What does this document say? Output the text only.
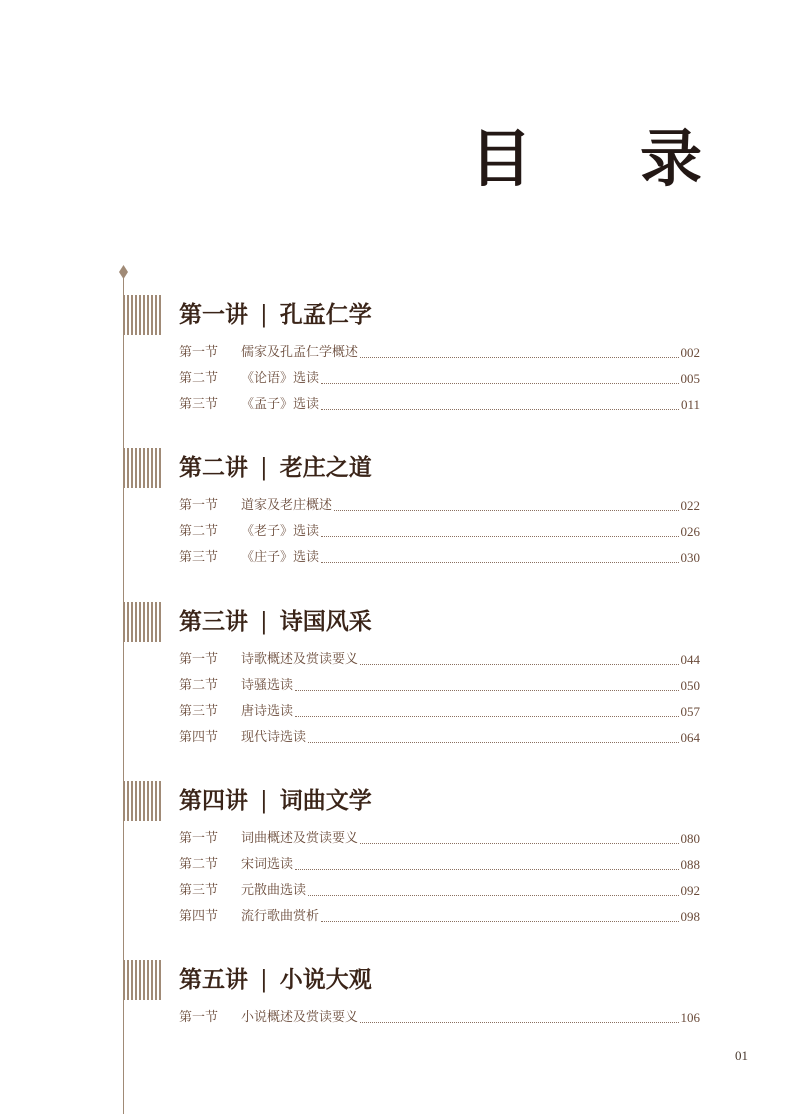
目 录
第一讲 | 孔孟仁学
第一节	儒家及孔孟仁学概述	002
第二节	《论语》选读	005
第三节	《孟子》选读	011
第二讲 | 老庄之道
第一节	道家及老庄概述	022
第二节	《老子》选读	026
第三节	《庄子》选读	030
第三讲 | 诗国风采
第一节	诗歌概述及赏读要义	044
第二节	诗骚选读	050
第三节	唐诗选读	057
第四节	现代诗选读	064
第四讲 | 词曲文学
第一节	词曲概述及赏读要义	080
第二节	宋词选读	088
第三节	元散曲选读	092
第四节	流行歌曲赏析	098
第五讲 | 小说大观
第一节	小说概述及赏读要义	106
01
